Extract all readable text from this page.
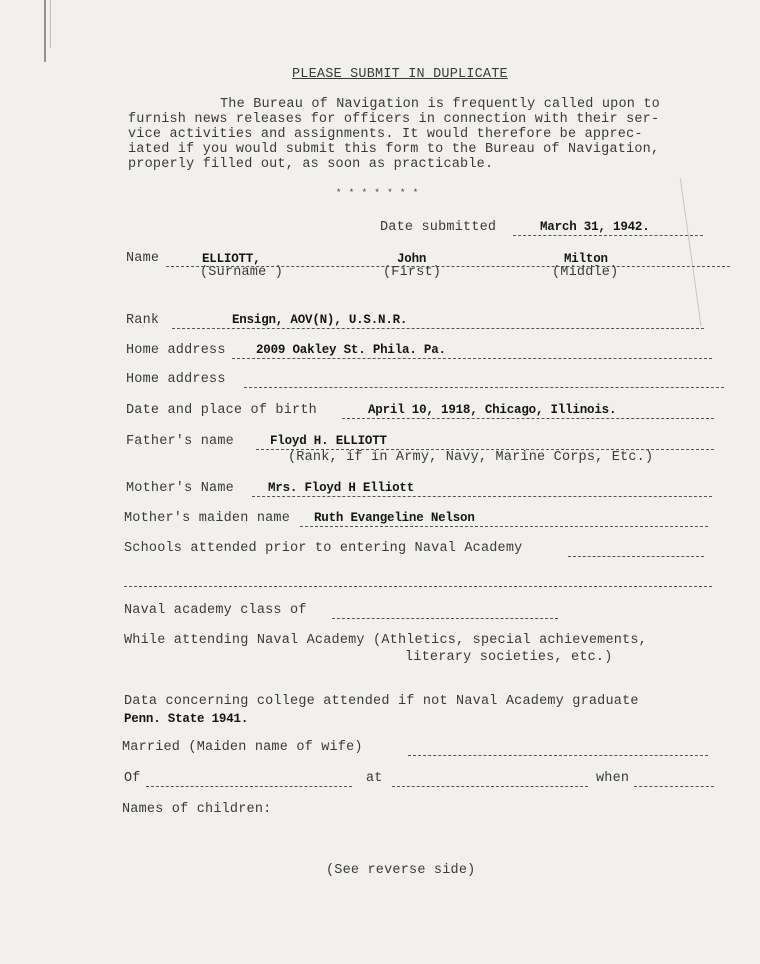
PLEASE SUBMIT IN DUPLICATE
The Bureau of Navigation is frequently called upon to
furnish news releases for officers in connection with their ser-
vice activities and assignments. It would therefore be apprec-
iated if you would submit this form to the Bureau of Navigation,
properly filled out, as soon as practicable.
* * * * * * *
Date submitted	March 31, 1942.
Name	ELLIOTT,	John	Milton
(Surname )	(First)	(Middle)
Rank	Ensign, AOV(N), U.S.N.R.
Home address 2009 Oakley St. Phila. Pa.
Home address
Date and place of birth	April 10, 1918, Chicago, Illinois.
Father's name	Floyd H. ELLIOTT
(Rank, if in Army, Navy, Marine Corps, Etc.)
Mother's Name	Mrs. Floyd H Elliott
Mother's maiden name Ruth Evangeline Nelson
Schools attended prior to entering Naval Academy
Naval academy class of
While attending Naval Academy (Athletics, special achievements,
literary societies, etc.)
Data concerning college attended if not Naval Academy graduate
Penn. State 1941.
Married (Maiden name of wife)
Of	at	when
Names of children:
(See reverse side)
